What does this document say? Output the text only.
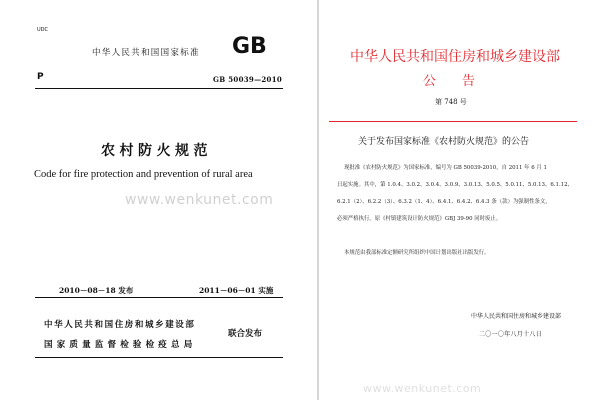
UDC
中华人民共和国国家标准 GB
P	GB 50039—2010
农村防火规范
Code for fire protection and prevention of rural area
2010－08－18 发布	2011－06－01 实施
中华人民共和国住房和城乡建设部
国家质量监督检验检疫总局
联合发布
www.wenkunet.com
中华人民共和国住房和城乡建设部
公告
第 748 号
关于发布国家标准《农村防火规范》的公告
现批准《农村防火规范》为国家标准，编号为 GB 50039-2010，自 2011 年 6 月 1
日起实施。其中，第 1.0.4、3.0.2、3.0.4、3.0.9、3.0.13、5.0.5、5.0.11、5.0.13、6.1.12、
6.2.1（2）、6.2.2（3）、6.3.2（1、4）、6.4.1、6.4.2、6.4.3 条（款）为强制性条文，
必须严格执行。原《村镇建筑设计防火规范》GBJ 39-90 同时废止。
本规范由我部标准定额研究所组织中国计划出版社出版发行。
中华人民共和国住房和城乡建设部
二〇一〇年八月十八日
www.wenkunet.com
